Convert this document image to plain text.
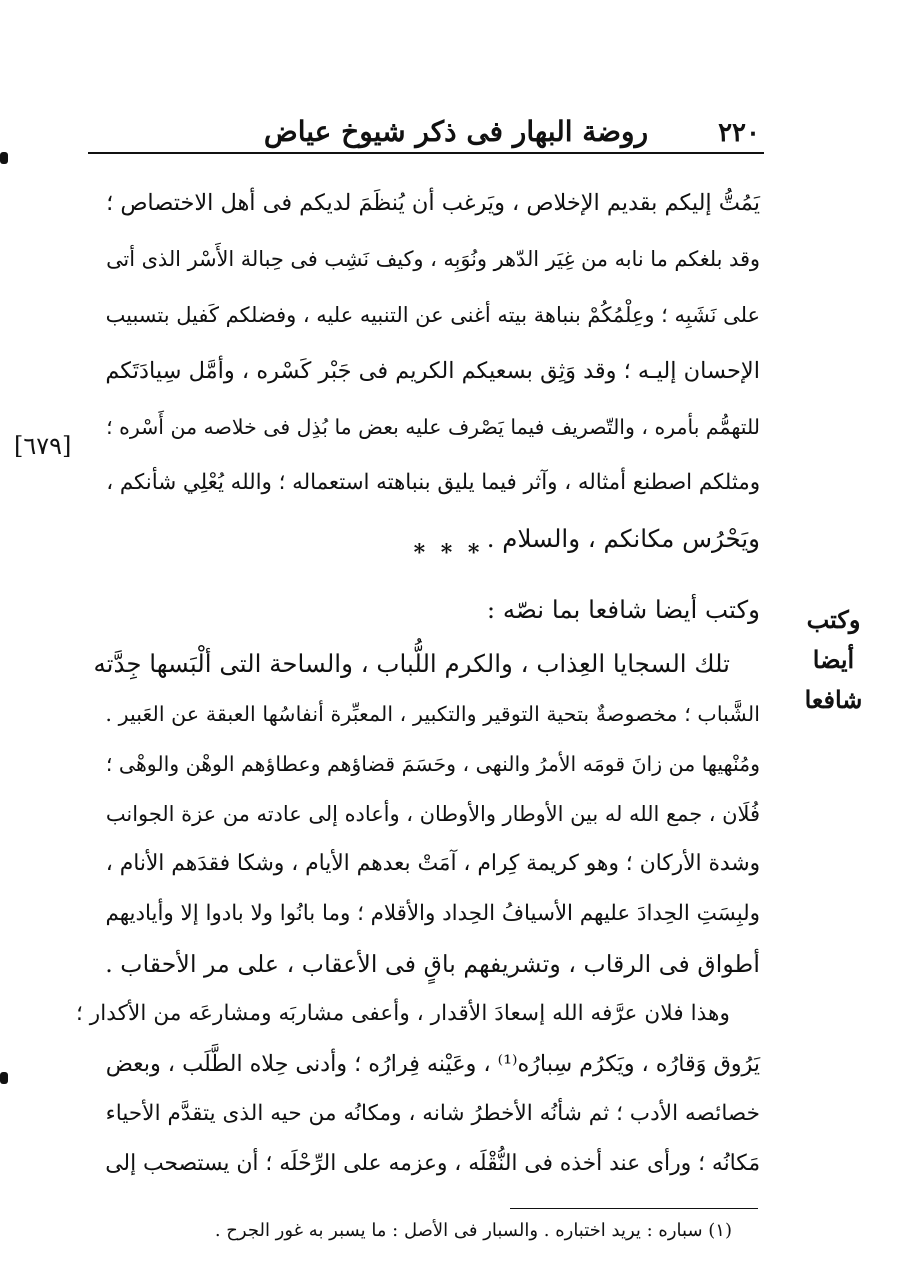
٢٢٠
روضة البهار فى ذكر شيوخ عياض
يَمُتُّ إليكم بقديم الإخلاص ، ويَرغب أن يُنظَمَ لديكم فى أهل الاختصاص ؛
وقد بلغكم ما نابه من غِيَر الدّهر ونُوَبِه ، وكيف نَشِب فى حِبالة الأَسْر الذى أتى
على نَشَبِه ؛ وعِلْمُكُمْ بنباهة بيته أغنى عن التنبيه عليه ، وفضلكم كَفيل بتسبيب
الإحسان إليـه ؛ وقد وَثِق بسعيكم الكريم فى جَبْر كَسْره ، وأمَّل سِيادَتَكم
للتهمُّم بأمره ، والتّصريف فيما يَصْرف عليه بعض ما بُذِل فى خلاصه من أَسْره ؛
ومثلكم اصطنع أمثاله ، وآثر فيما يليق بنباهته استعماله ؛ والله يُعْلِي شأنكم ،
ويَحْرُس مكانكم ، والسلام .
[٦٧٩]
* * *
وكتب أيضا
شافعا
وكتب أيضا شافعا بما نصّه :
تلك السجايا العِذاب ، والكرم اللُّباب ، والساحة التى ألْبَسها جِدَّته
الشَّباب ؛ مخصوصةٌ بتحية التوقير والتكبير ، المعبِّرة أنفاسُها العبقة عن العَبير .
ومُنْهيها من زانَ قومَه الأمرُ والنهى ، وحَسَمَ قضاؤهم وعطاؤهم الوهْن والوهْى ؛
فُلَان ، جمع الله له بين الأوطار والأوطان ، وأعاده إلى عادته من عزة الجوانب
وشدة الأركان ؛ وهو كريمة كِرام ، آمَتْ بعدهم الأيام ، وشكا فقدَهم الأنام ،
ولبِسَتِ الحِدادَ عليهم الأسيافُ الحِداد والأقلام ؛ وما بانُوا ولا بادوا إلا وأياديهم
أطواق فى الرقاب ، وتشريفهم باقٍ فى الأعقاب ، على مر الأحقاب .
وهذا فلان عرَّفه الله إسعادَ الأقدار ، وأعفى مشاربَه ومشارعَه من الأكدار ؛
يَرُوق وَقارُه ، ويَكرُم سِبارُه⁽¹⁾ ، وعَيْنه فِرارُه ؛ وأدنى حِلاه الطَّلَب ، وبعض
خصائصه الأدب ؛ ثم شأنُه الأخطرُ شانه ، ومكانُه من حيه الذى يتقدَّم الأحياء
مَكانُه ؛ ورأى عند أخذه فى النُّقْلَه ، وعزمه على الرِّحْلَه ؛ أن يستصحب إلى
(١) سباره : يريد اختباره . والسبار فى الأصل : ما يسبر به غور الجرح .
